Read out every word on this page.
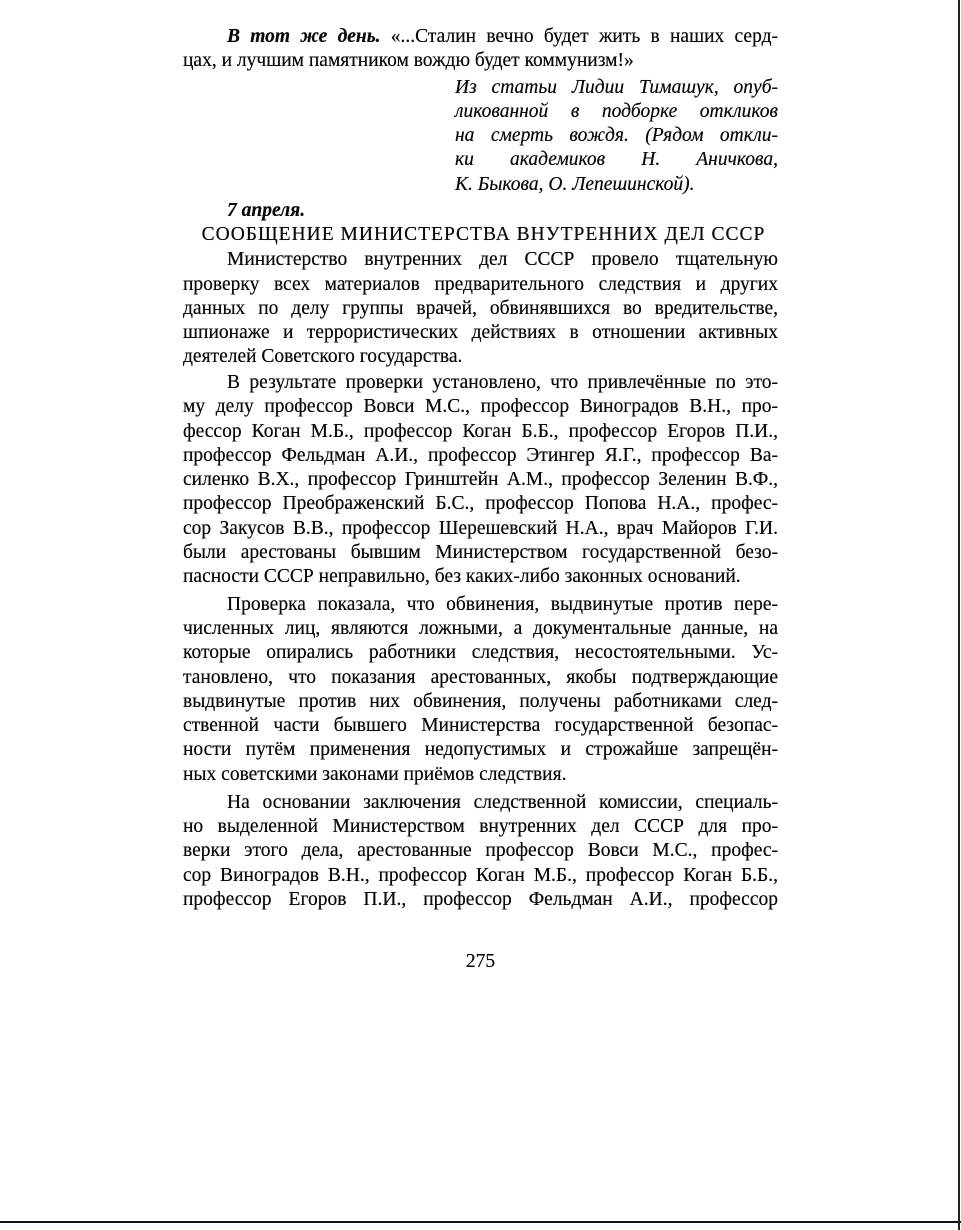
В тот же день. «...Сталин вечно будет жить в наших серд-
цах, и лучшим памятником вождю будет коммунизм!»
Из статьи Лидии Тимашук, опуб-
ликованной в подборке откликов
на смерть вождя. (Рядом откли-
ки академиков Н. Аничкова,
К. Быкова, О. Лепешинской).
7 апреля.
СООБЩЕНИЕ МИНИСТЕРСТВА ВНУТРЕННИХ ДЕЛ СССР
Министерство внутренних дел СССР провело тщательную
проверку всех материалов предварительного следствия и других
данных по делу группы врачей, обвинявшихся во вредительстве,
шпионаже и террористических действиях в отношении активных
деятелей Советского государства.
В результате проверки установлено, что привлечённые по это-
му делу профессор Вовси М.С., профессор Виноградов В.Н., про-
фессор Коган М.Б., профессор Коган Б.Б., профессор Егоров П.И.,
профессор Фельдман А.И., профессор Этингер Я.Г., профессор Ва-
силенко В.Х., профессор Гринштейн А.М., профессор Зеленин В.Ф.,
профессор Преображенский Б.С., профессор Попова Н.А., профес-
сор Закусов В.В., профессор Шерешевский Н.А., врач Майоров Г.И.
были арестованы бывшим Министерством государственной безо-
пасности СССР неправильно, без каких-либо законных оснований.
Проверка показала, что обвинения, выдвинутые против пере-
численных лиц, являются ложными, а документальные данные, на
которые опирались работники следствия, несостоятельными. Ус-
тановлено, что показания арестованных, якобы подтверждающие
выдвинутые против них обвинения, получены работниками след-
ственной части бывшего Министерства государственной безопас-
ности путём применения недопустимых и строжайше запрещён-
ных советскими законами приёмов следствия.
На основании заключения следственной комиссии, специаль-
но выделенной Министерством внутренних дел СССР для про-
верки этого дела, арестованные профессор Вовси М.С., профес-
сор Виноградов В.Н., профессор Коган М.Б., профессор Коган Б.Б.,
профессор Егоров П.И., профессор Фельдман А.И., профессор
275
